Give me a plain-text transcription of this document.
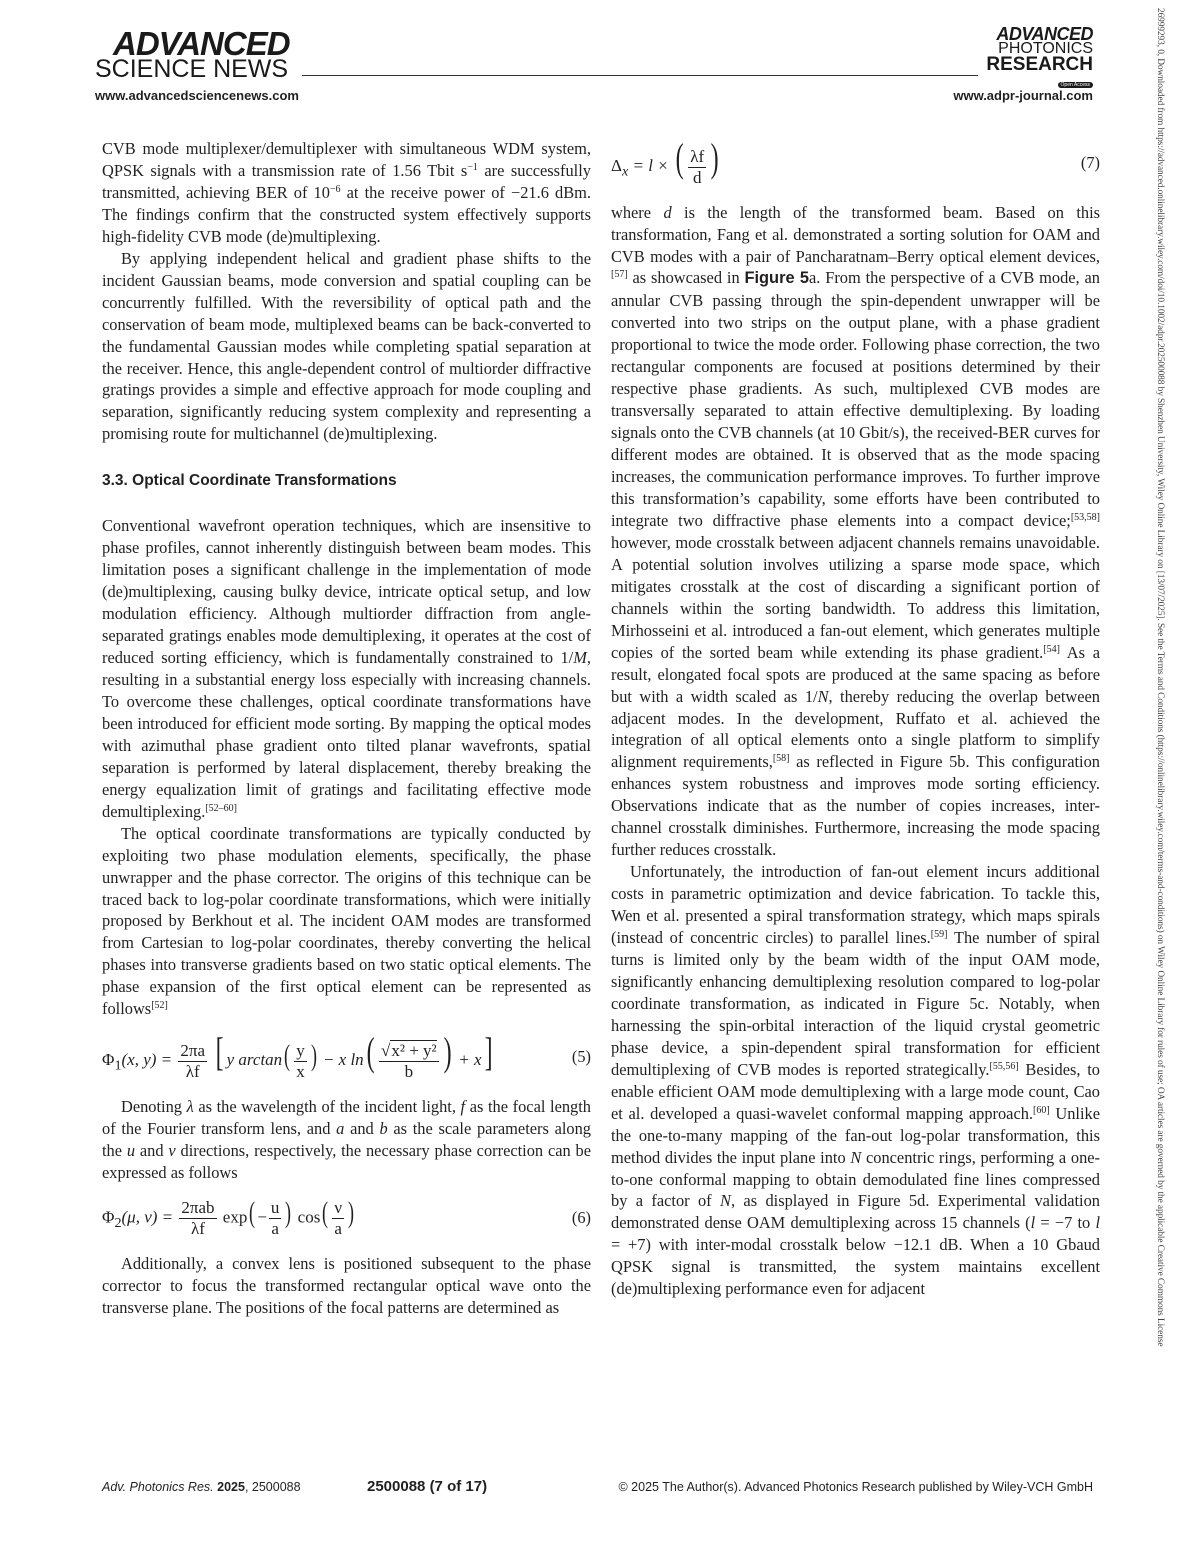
ADVANCED
SCIENCE NEWS
ADVANCED
PHOTONICS
RESEARCH
Open Access
www.advancedsciencenews.com	www.adpr-journal.com	26999293, 0, Downloaded from https://advanced.onlinelibrary.wiley.com/doi/10.1002/adpr.202500088 by Shenzhen University, Wiley Online Library on [13/07/2025]. See the Terms and Conditions (https://onlinelibrary.wiley.com/terms-and-conditions) on Wiley Online Library for rules of use; OA articles are governed by the applicable Creative Commons License

CVB mode multiplexer/demultiplexer with simultaneous WDM system, QPSK signals with a transmission rate of 1.56 Tbit $s^{-1}$ are successfully transmitted, achieving BER of $10^{-6}$ at the receive power of −21.6 dBm. The findings confirm that the constructed system effectively supports high-fidelity CVB mode (de)multiplexing.

By applying independent helical and gradient phase shifts to the incident Gaussian beams, mode conversion and spatial coupling can be concurrently fulfilled. With the reversibility of optical path and the conservation of beam mode, multiplexed beams can be back-converted to the fundamental Gaussian modes while completing spatial separation at the receiver. Hence, this angle-dependent control of multiorder diffractive gratings provides a simple and effective approach for mode coupling and separation, significantly reducing system complexity and representing a promising route for multichannel (de)multiplexing.

3.3. Optical Coordinate Transformations

Conventional wavefront operation techniques, which are insensitive to phase profiles, cannot inherently distinguish between beam modes. This limitation poses a significant challenge in the implementation of mode (de)multiplexing, causing bulky device, intricate optical setup, and low modulation efficiency. Although multiorder diffraction from angle-separated gratings enables mode demultiplexing, it operates at the cost of reduced sorting efficiency, which is fundamentally constrained to 1/M, resulting in a substantial energy loss especially with increasing channels. To overcome these challenges, optical coordinate transformations have been introduced for efficient mode sorting. By mapping the optical modes with azimuthal phase gradient onto tilted planar wavefronts, spatial separation is performed by lateral displacement, thereby breaking the energy equalization limit of gratings and facilitating effective mode demultiplexing.[52–60]

The optical coordinate transformations are typically conducted by exploiting two phase modulation elements, specifically, the phase unwrapper and the phase corrector. The origins of this technique can be traced back to log-polar coordinate transformations, which were initially proposed by Berkhout et al. The incident OAM modes are transformed from Cartesian to log-polar coordinates, thereby converting the helical phases into transverse gradients based on two static optical elements. The phase expansion of the first optical element can be represented as follows[52]

$\Phi_1(x$, $y) = \frac{2\pi a}{\lambda f}$ [ y $\arctan( \frac{y}{x}$ ) − x $\ln( \frac{\text{√x² + y²}}{b}$ ) + x]	(5)

Denoting λ as the wavelength of the incident light, f as the focal length of the Fourier transform lens, and a and b as the scale parameters along the u and v directions, respectively, the necessary phase correction can be expressed as follows

$\Phi_2(\mu$, $\nu) = \frac{\text{2πab}}{\lambda f} \exp( - \frac{u}{a}$ ) $\cos( \frac{\nu}{a}$ )	(6)

Additionally, a convex lens is positioned subsequent to the phase corrector to focus the transformed rectangular optical wave onto the transverse plane. The positions of the focal patterns are determined as

$\Delta_x = l$ × ( $\frac{\lambda f}{d}$ )	(7)

where d is the length of the transformed beam. Based on this transformation, Fang et al. demonstrated a sorting solution for OAM and CVB modes with a pair of Pancharatnam–Berry optical element devices,[57] as showcased in Figure 5a. From the perspective of a CVB mode, an annular CVB passing through the spin-dependent unwrapper will be converted into two strips on the output plane, with a phase gradient proportional to twice the mode order. Following phase correction, the two rectangular components are focused at positions determined by their respective phase gradients. As such, multiplexed CVB modes are transversally separated to attain effective demultiplexing. By loading signals onto the CVB channels (at 10 Gbit/s), the received-BER curves for different modes are obtained. It is observed that as the mode spacing increases, the communication performance improves. To further improve this transformation’s capability, some efforts have been contributed to integrate two diffractive phase elements into a compact device;[53,58] however, mode crosstalk between adjacent channels remains unavoidable. A potential solution involves utilizing a sparse mode space, which mitigates crosstalk at the cost of discarding a significant portion of channels within the sorting bandwidth. To address this limitation, Mirhosseini et al. introduced a fan-out element, which generates multiple copies of the sorted beam while extending its phase gradient.[54] As a result, elongated focal spots are produced at the same spacing as before but with a width scaled as 1/N, thereby reducing the overlap between adjacent modes. In the development, Ruffato et al. achieved the integration of all optical elements onto a single platform to simplify alignment requirements,[58] as reflected in Figure 5b. This configuration enhances system robustness and improves mode sorting efficiency. Observations indicate that as the number of copies increases, inter-channel crosstalk diminishes. Furthermore, increasing the mode spacing further reduces crosstalk.

Unfortunately, the introduction of fan-out element incurs additional costs in parametric optimization and device fabrication. To tackle this, Wen et al. presented a spiral transformation strategy, which maps spirals (instead of concentric circles) to parallel lines.[59] The number of spiral turns is limited only by the beam width of the input OAM mode, significantly enhancing demultiplexing resolution compared to log-polar coordinate transformation, as indicated in Figure 5c. Notably, when harnessing the spin-orbital interaction of the liquid crystal geometric phase device, a spin-dependent spiral transformation for efficient demultiplexing of CVB modes is reported strategically.[55,56] Besides, to enable efficient OAM mode demultiplexing with a large mode count, Cao et al. developed a quasi-wavelet conformal mapping approach.[60] Unlike the one-to-many mapping of the fan-out log-polar transformation, this method divides the input plane into N concentric rings, performing a one-to-one conformal mapping to obtain demodulated fine lines compressed by a factor of N, as displayed in Figure 5d. Experimental validation demonstrated dense OAM demultiplexing across 15 channels (l = −7 to l = +7) with inter-modal crosstalk below −12.1 dB. When a 10 Gbaud QPSK signal is transmitted, the system maintains excellent (de)multiplexing performance even for adjacent

Adv. Photonics Res. 2025, 2500088	2500088 (7 of 17)	© 2025 The Author(s). Advanced Photonics Research published by Wiley-VCH GmbH
